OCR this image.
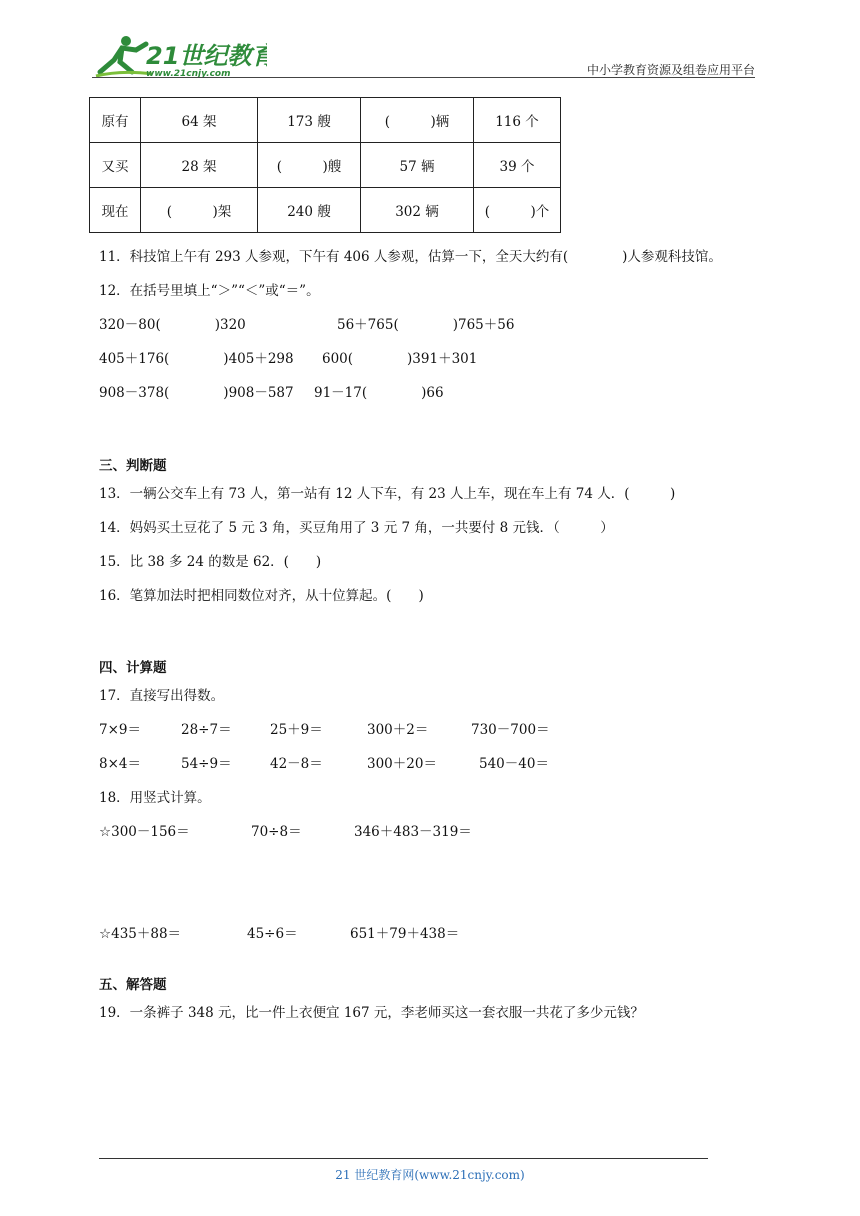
21世纪教育
www.21cnjy.com	中小学教育资源及组卷应用平台
原有	64 架	173 艘	(　　　)辆	116 个
又买	28 架	(　　　)艘	57 辆	39 个
现在	(　　　)架	240 艘	302 辆	(　　　)个
11．科技馆上午有 293 人参观，下午有 406 人参观，估算一下，全天大约有(　　　　)人参观科技馆。
12．在括号里填上“＞”“＜”或“＝”。
320－80(　　　　)320	56＋765(　　　　)765＋56
405＋176(　　　　)405＋298 600(　　　　)391＋301
908－378(　　　　)908－587 91－17(　　　　)66
三、判断题
13．一辆公交车上有 73 人，第一站有 12 人下车，有 23 人上车，现在车上有 74 人．(　　　)
14．妈妈买土豆花了 5 元 3 角，买豆角用了 3 元 7 角，一共要付 8 元钱．（　　　）
15．比 38 多 24 的数是 62．(　　)
16．笔算加法时把相同数位对齐，从十位算起。(　　)
四、计算题
17．直接写出得数。
7×9＝	28÷7＝	25＋9＝	300＋2＝	730－700＝
8×4＝	54÷9＝	42－8＝	300＋20＝	540－40＝
18．用竖式计算。
☆300－156＝	70÷8＝	346＋483－319＝
☆435＋88＝	45÷6＝	651＋79＋438＝
五、解答题
19．一条裤子 348 元，比一件上衣便宜 167 元，李老师买这一套衣服一共花了多少元钱？
21 世纪教育网(www.21cnjy.com)
